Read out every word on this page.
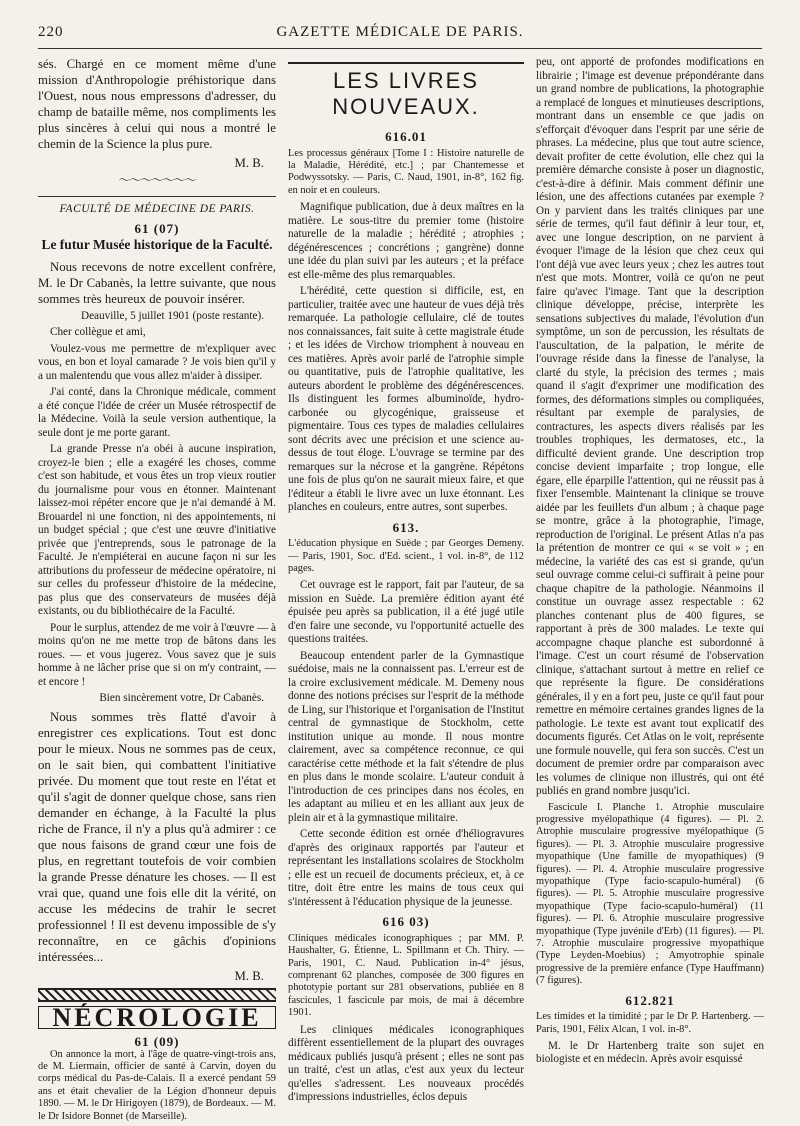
220	GAZETTE MÉDICALE DE PARIS.

sés. Chargé en ce moment même d'une mission d'Anthropologie préhistorique dans l'Ouest, nous nous empressons d'adresser, du champ de bataille même, nos compliments les plus sincères à celui qui nous a montré le chemin de la Science la plus pure.

M. B.

〜〜〜〜〜〜〜
FACULTÉ DE MÉDECINE DE PARIS.
61 (07)
Le futur Musée historique de la Faculté.

Nous recevons de notre excellent confrère, M. le Dr Cabanès, la lettre suivante, que nous sommes très heureux de pouvoir insérer.

Deauville, 5 juillet 1901 (poste restante).

Cher collègue et ami,

Voulez-vous me permettre de m'expliquer avec vous, en bon et loyal camarade ? Je vois bien qu'il y a un malentendu que vous allez m'aider à dissiper.

J'ai conté, dans la Chronique médicale, comment a été conçue l'idée de créer un Musée rétrospectif de la Médecine. Voilà la seule version authentique, la seule dont je me porte garant.

La grande Presse n'a obéi à aucune inspiration, croyez-le bien ; elle a exagéré les choses, comme c'est son habitude, et vous êtes un trop vieux routier du journalisme pour vous en étonner. Maintenant laissez-moi répéter encore que je n'ai demandé à M. Brouardel ni une fonction, ni des appointements, ni un budget spécial ; que c'est une œuvre d'initiative privée que j'entreprends, sous le patronage de la Faculté. Je n'empiéterai en aucune façon ni sur les attributions du professeur de médecine opératoire, ni sur celles du professeur d'histoire de la médecine, pas plus que des conservateurs de musées déjà existants, ou du bibliothécaire de la Faculté.

Pour le surplus, attendez de me voir à l'œuvre — à moins qu'on ne me mette trop de bâtons dans les roues. — et vous jugerez. Vous savez que je suis homme à ne lâcher prise que si on m'y contraint, — et encore !

Bien sincèrement votre, Dr Cabanès.

Nous sommes très flatté d'avoir à enregistrer ces explications. Tout est donc pour le mieux. Nous ne sommes pas de ceux, on le sait bien, qui combattent l'initiative privée. Du moment que tout reste en l'état et qu'il s'agit de donner quelque chose, sans rien demander en échange, à la Faculté la plus riche de France, il n'y a plus qu'à admirer : ce que nous faisons de grand cœur une fois de plus, en regrettant toutefois de voir combien la grande Presse dénature les choses. — Il est vrai que, quand une fois elle dit la vérité, on accuse les médecins de trahir le secret professionnel ! Il est devenu impossible de s'y reconnaître, en ce gâchis d'opinions intéressées...

M. B.

NÉCROLOGIE
61 (09)

On annonce la mort, à l'âge de quatre-vingt-trois ans, de M. Liermain, officier de santé à Carvin, doyen du corps médical du Pas-de-Calais. Il a exercé pendant 59 ans et était chevalier de la Légion d'honneur depuis 1890. — M. le Dr Hirigoyen (1879), de Bordeaux. — M. le Dr Isidore Bonnet (de Marseille).

LES LIVRES NOUVEAUX.
616.01

Les processus généraux [Tome I : Histoire naturelle de la Maladie, Hérédité, etc.] ; par Chantemesse et Podwyssotsky. — Paris, C. Naud, 1901, in-8°, 162 fig. en noir et en couleurs.

Magnifique publication, due à deux maîtres en la matière. Le sous-titre du premier tome (histoire naturelle de la maladie ; hérédité ; atrophies ; dégénérescences ; concrétions ; gangrène) donne une idée du plan suivi par les auteurs ; et la préface est elle-même des plus remarquables.

L'hérédité, cette question si difficile, est, en particulier, traitée avec une hauteur de vues déjà très remarquée. La pathologie cellulaire, clé de toutes nos connaissances, fait suite à cette magistrale étude ; et les idées de Virchow triomphent à nouveau en ces matières. Après avoir parlé de l'atrophie simple ou quantitative, puis de l'atrophie qualitative, les auteurs abordent le problème des dégénérescences. Ils distinguent les formes albuminoïde, hydro-carbonée ou glycogénique, graisseuse et pigmentaire. Tous ces types de maladies cellulaires sont décrits avec une précision et une science au-dessus de tout éloge. L'ouvrage se termine par des remarques sur la nécrose et la gangrène. Répétons une fois de plus qu'on ne saurait mieux faire, et que l'éditeur a établi le livre avec un luxe étonnant. Les planches en couleurs, entre autres, sont superbes.

613.

L'éducation physique en Suède ; par Georges Demeny. — Paris, 1901, Soc. d'Ed. scient., 1 vol. in-8°, de 112 pages.

Cet ouvrage est le rapport, fait par l'auteur, de sa mission en Suède. La première édition ayant été épuisée peu après sa publication, il a été jugé utile d'en faire une seconde, vu l'opportunité actuelle des questions traitées.

Beaucoup entendent parler de la Gymnastique suédoise, mais ne la connaissent pas. L'erreur est de la croire exclusivement médicale. M. Demeny nous donne des notions précises sur l'esprit de la méthode de Ling, sur l'historique et l'organisation de l'Institut central de gymnastique de Stockholm, cette institution unique au monde. Il nous montre clairement, avec sa compétence reconnue, ce qui caractérise cette méthode et la fait s'étendre de plus en plus dans le monde scolaire. L'auteur conduit à l'introduction de ces principes dans nos écoles, en les adaptant au milieu et en les alliant aux jeux de plein air et à la gymnastique militaire.

Cette seconde édition est ornée d'héliogravures d'après des originaux rapportés par l'auteur et représentant les installations scolaires de Stockholm ; elle est un recueil de documents précieux, et, à ce titre, doit être entre les mains de tous ceux qui s'intéressent à l'éducation physique de la jeunesse.

616 03)

Cliniques médicales iconographiques ; par MM. P. Haushalter, G. Étienne, L. Spillmann et Ch. Thiry. — Paris, 1901, C. Naud. Publication in-4° jésus, comprenant 62 planches, composée de 300 figures en phototypie portant sur 281 observations, publiée en 8 fascicules, 1 fascicule par mois, de mai à décembre 1901.

Les cliniques médicales iconographiques diffèrent essentiellement de la plupart des ouvrages médicaux publiés jusqu'à présent ; elles ne sont pas un traité, c'est un atlas, c'est aux yeux du lecteur qu'elles s'adressent. Les nouveaux procédés d'impressions industrielles, éclos depuis

peu, ont apporté de profondes modifications en librairie ; l'image est devenue prépondérante dans un grand nombre de publications, la photographie a remplacé de longues et minutieuses descriptions, montrant dans un ensemble ce que jadis on s'efforçait d'évoquer dans l'esprit par une série de phrases. La médecine, plus que tout autre science, devait profiter de cette évolution, elle chez qui la première démarche consiste à poser un diagnostic, c'est-à-dire à définir. Mais comment définir une lésion, une des affections cutanées par exemple ? On y parvient dans les traités cliniques par une série de termes, qu'il faut définir à leur tour, et, avec une longue description, on ne parvient à évoquer l'image de la lésion que chez ceux qui l'ont déjà vue avec leurs yeux ; chez les autres tout n'est que mots. Montrer, voilà ce qu'on ne peut faire qu'avec l'image. Tant que la description clinique développe, précise, interprète les sensations subjectives du malade, l'évolution d'un symptôme, un son de percussion, les résultats de l'auscultation, de la palpation, le mérite de l'ouvrage réside dans la finesse de l'analyse, la clarté du style, la précision des termes ; mais quand il s'agit d'exprimer une modification des formes, des déformations simples ou compliquées, résultant par exemple de paralysies, de contractures, les aspects divers réalisés par les troubles trophiques, les dermatoses, etc., la difficulté devient grande. Une description trop concise devient imparfaite ; trop longue, elle égare, elle éparpille l'attention, qui ne réussit pas à fixer l'ensemble. Maintenant la clinique se trouve aidée par les feuillets d'un album ; à chaque page se montre, grâce à la photographie, l'image, reproduction de l'original. Le présent Atlas n'a pas la prétention de montrer ce qui « se voit » ; en médecine, la variété des cas est si grande, qu'un seul ouvrage comme celui-ci suffirait à peine pour chaque chapitre de la pathologie. Néanmoins il constitue un ouvrage assez respectable : 62 planches contenant plus de 400 figures, se rapportant à près de 300 malades. Le texte qui accompagne chaque planche est subordonné à l'image. C'est un court résumé de l'observation clinique, s'attachant surtout à mettre en relief ce que représente la figure. De considérations générales, il y en a fort peu, juste ce qu'il faut pour remettre en mémoire certaines grandes lignes de la pathologie. Le texte est avant tout explicatif des documents figurés. Cet Atlas on le voit, représente une formule nouvelle, qui fera son succès. C'est un document de premier ordre par comparaison avec les volumes de clinique non illustrés, qui ont été publiés en grand nombre jusqu'ici.

Fascicule I. Planche 1. Atrophie musculaire progressive myélopathique (4 figures). — Pl. 2. Atrophie musculaire progressive myélopathique (5 figures). — Pl. 3. Atrophie musculaire progressive myopathique (Une famille de myopathiques) (9 figures). — Pl. 4. Atrophie musculaire progressive myopathique (Type facio-scapulo-huméral) (6 figures). — Pl. 5. Atrophie musculaire progressive myopathique (Type facio-scapulo-huméral) (11 figures). — Pl. 6. Atrophie musculaire progressive myopathique (Type juvénile d'Erb) (11 figures). — Pl. 7. Atrophie musculaire progressive myopathique (Type Leyden-Moebius) ; Amyotrophie spinale progressive de la première enfance (Type Hauffmann) (7 figures).

612.821

Les timides et la timidité ; par le Dr P. Hartenberg. — Paris, 1901, Félix Alcan, 1 vol. in-8°.

M. le Dr Hartenberg traite son sujet en biologiste et en médecin. Après avoir esquissé
